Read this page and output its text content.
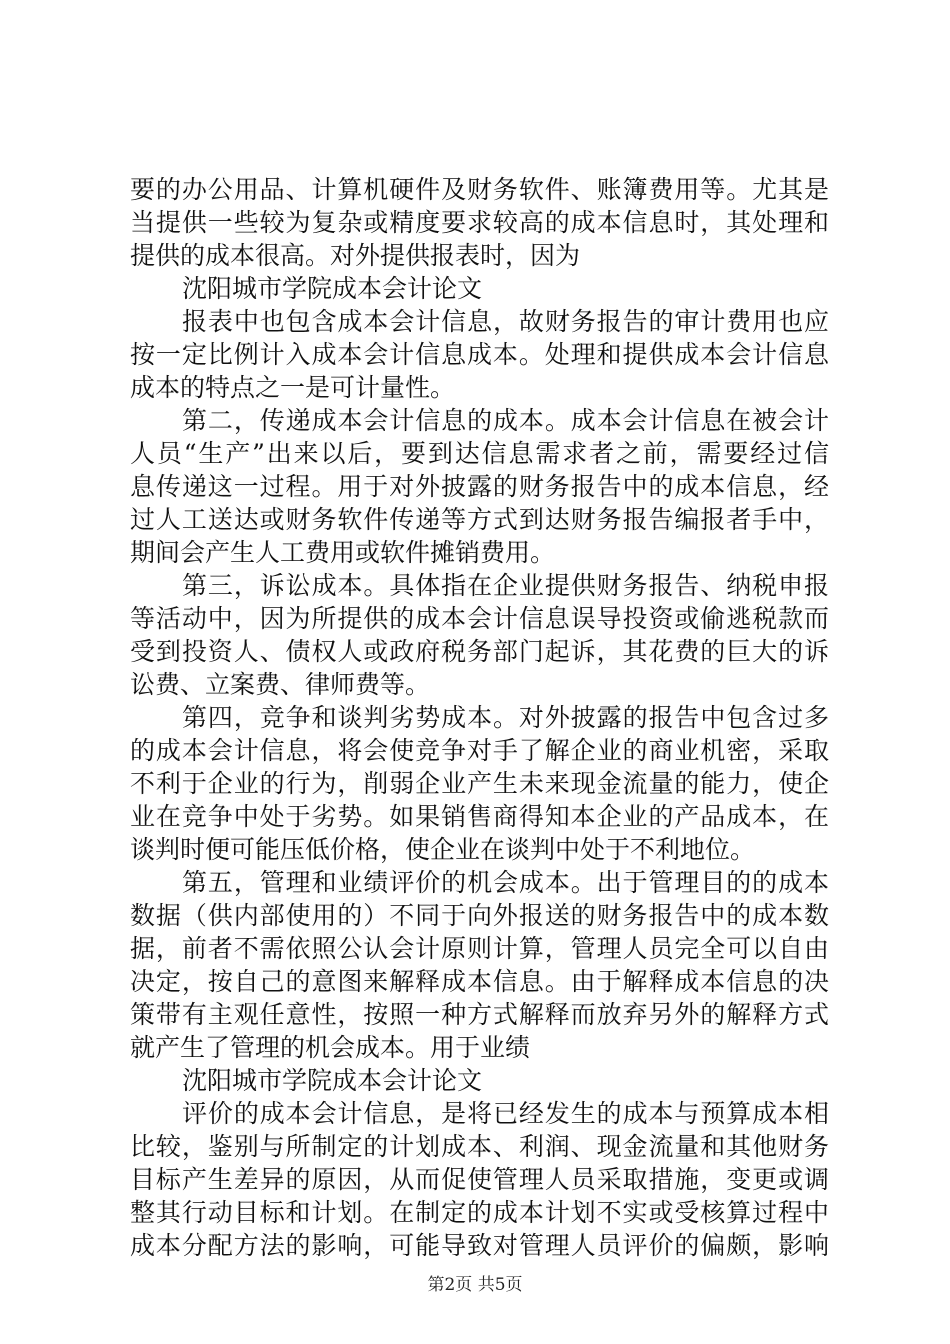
要的办公用品、计算机硬件及财务软件、账簿费用等。尤其是
当提供一些较为复杂或精度要求较高的成本信息时，其处理和
提供的成本很高。对外提供报表时，因为
沈阳城市学院成本会计论文
报表中也包含成本会计信息，故财务报告的审计费用也应
按一定比例计入成本会计信息成本。处理和提供成本会计信息
成本的特点之一是可计量性。
第二，传递成本会计信息的成本。成本会计信息在被会计
人员“生产”出来以后，要到达信息需求者之前，需要经过信
息传递这一过程。用于对外披露的财务报告中的成本信息，经
过人工送达或财务软件传递等方式到达财务报告编报者手中，
期间会产生人工费用或软件摊销费用。
第三，诉讼成本。具体指在企业提供财务报告、纳税申报
等活动中，因为所提供的成本会计信息误导投资或偷逃税款而
受到投资人、债权人或政府税务部门起诉，其花费的巨大的诉
讼费、立案费、律师费等。
第四，竞争和谈判劣势成本。对外披露的报告中包含过多
的成本会计信息，将会使竞争对手了解企业的商业机密，采取
不利于企业的行为，削弱企业产生未来现金流量的能力，使企
业在竞争中处于劣势。如果销售商得知本企业的产品成本，在
谈判时便可能压低价格，使企业在谈判中处于不利地位。
第五，管理和业绩评价的机会成本。出于管理目的的成本
数据（供内部使用的）不同于向外报送的财务报告中的成本数
据，前者不需依照公认会计原则计算，管理人员完全可以自由
决定，按自己的意图来解释成本信息。由于解释成本信息的决
策带有主观任意性，按照一种方式解释而放弃另外的解释方式
就产生了管理的机会成本。用于业绩
沈阳城市学院成本会计论文
评价的成本会计信息，是将已经发生的成本与预算成本相
比较，鉴别与所制定的计划成本、利润、现金流量和其他财务
目标产生差异的原因，从而促使管理人员采取措施，变更或调
整其行动目标和计划。在制定的成本计划不实或受核算过程中
成本分配方法的影响，可能导致对管理人员评价的偏颇，影响
第2页 共5页
